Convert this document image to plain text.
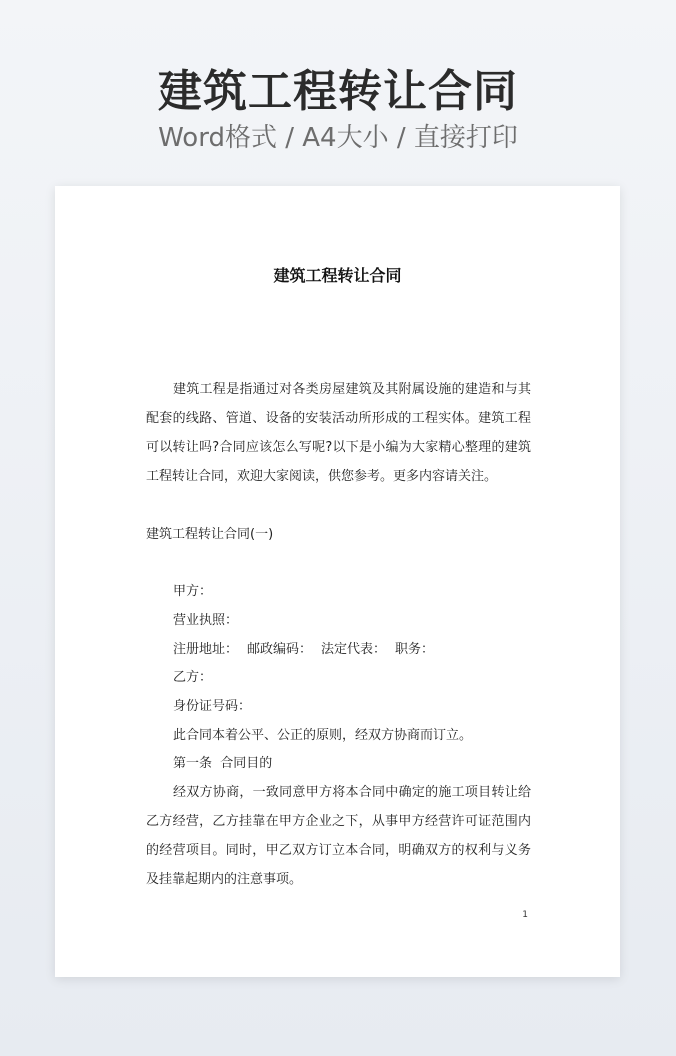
建筑工程转让合同
Word格式 / A4大小 / 直接打印
建筑工程转让合同

建筑工程是指通过对各类房屋建筑及其附属设施的建造和与其配套的线路、管道、设备的安装活动所形成的工程实体。建筑工程可以转让吗?合同应该怎么写呢?以下是小编为大家精心整理的建筑工程转让合同，欢迎大家阅读，供您参考。更多内容请关注。

建筑工程转让合同(一)
甲方：
营业执照：
注册地址： 邮政编码： 法定代表： 职务：
乙方：
身份证号码：
此合同本着公平、公正的原则，经双方协商而订立。
第一条  合同目的

经双方协商，一致同意甲方将本合同中确定的施工项目转让给乙方经营，乙方挂靠在甲方企业之下，从事甲方经营许可证范围内的经营项目。同时，甲乙双方订立本合同，明确双方的权利与义务及挂靠起期内的注意事项。

1
